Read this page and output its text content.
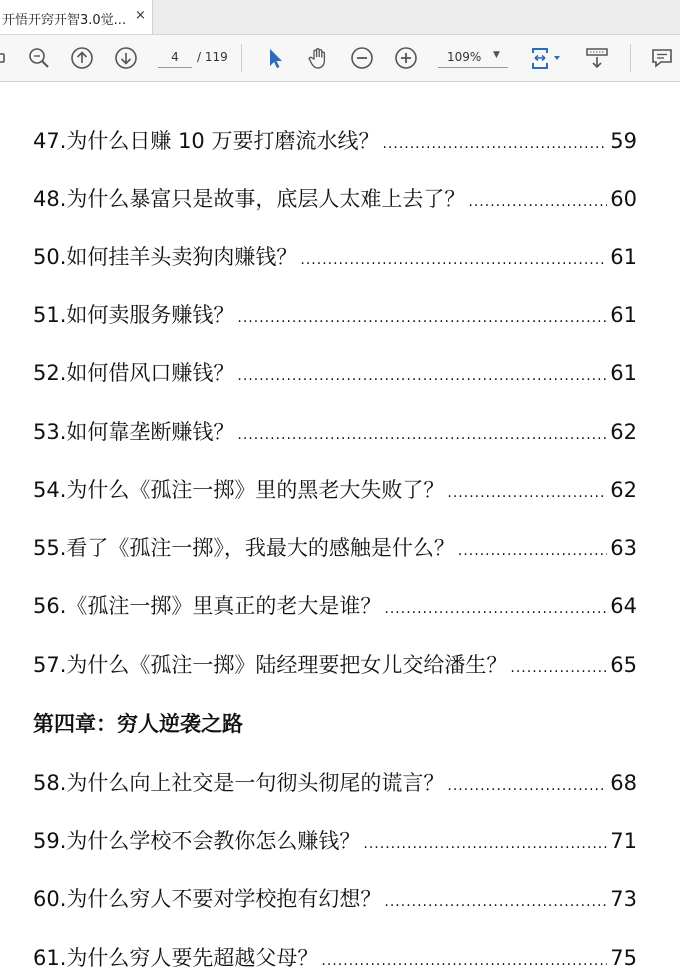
开悟开窍开智3.0觉... ×
4
/ 119	109% ▼
47.为什么日赚 10 万要打磨流水线？ .....	59
48.为什么暴富只是故事，底层人太难上去了？ .....	60
50.如何挂羊头卖狗肉赚钱？ .....	61
51.如何卖服务赚钱？ .....	61
52.如何借风口赚钱？ .....	61
53.如何靠垄断赚钱？ .....	62
54.为什么《孤注一掷》里的黑老大失败了？ .....	62
55.看了《孤注一掷》，我最大的感触是什么？ .....	63
56.《孤注一掷》里真正的老大是谁？ .....	64
57.为什么《孤注一掷》陆经理要把女儿交给潘生？ .....	65
第四章：穷人逆袭之路
58.为什么向上社交是一句彻头彻尾的谎言？ .....	68
59.为什么学校不会教你怎么赚钱？ .....	71
60.为什么穷人不要对学校抱有幻想？ .....	73
61.为什么穷人要先超越父母？ .....	75
